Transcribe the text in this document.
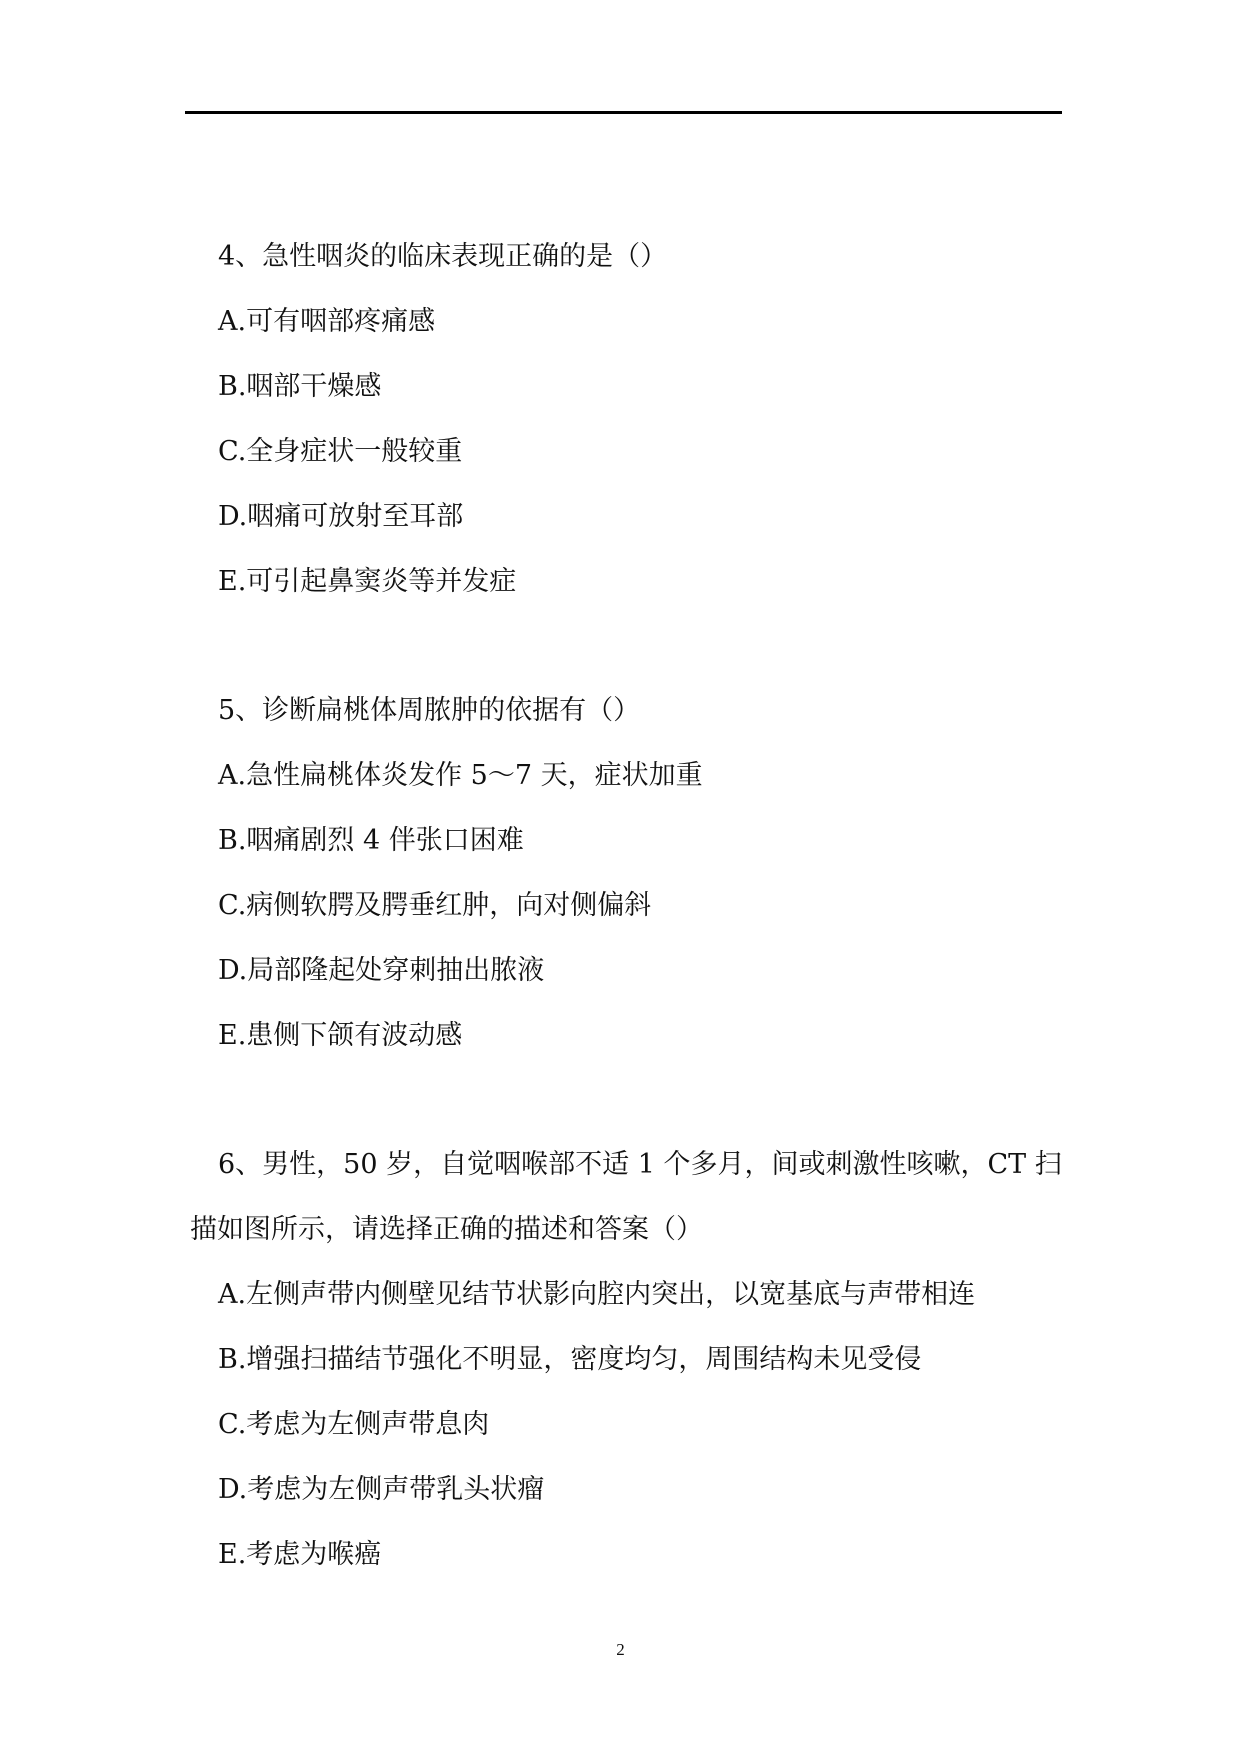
4、急性咽炎的临床表现正确的是（）

A.可有咽部疼痛感

B.咽部干燥感

C.全身症状一般较重

D.咽痛可放射至耳部

E.可引起鼻窦炎等并发症

5、诊断扁桃体周脓肿的依据有（）

A.急性扁桃体炎发作 5～7 天，症状加重

B.咽痛剧烈 4 伴张口困难

C.病侧软腭及腭垂红肿，向对侧偏斜

D.局部隆起处穿刺抽出脓液

E.患侧下颌有波动感

6、男性，50 岁，自觉咽喉部不适 1 个多月，间或刺激性咳嗽，CT 扫描如图所示，请选择正确的描述和答案（）

A.左侧声带内侧壁见结节状影向腔内突出，以宽基底与声带相连

B.增强扫描结节强化不明显，密度均匀，周围结构未见受侵

C.考虑为左侧声带息肉

D.考虑为左侧声带乳头状瘤

E.考虑为喉癌

2
